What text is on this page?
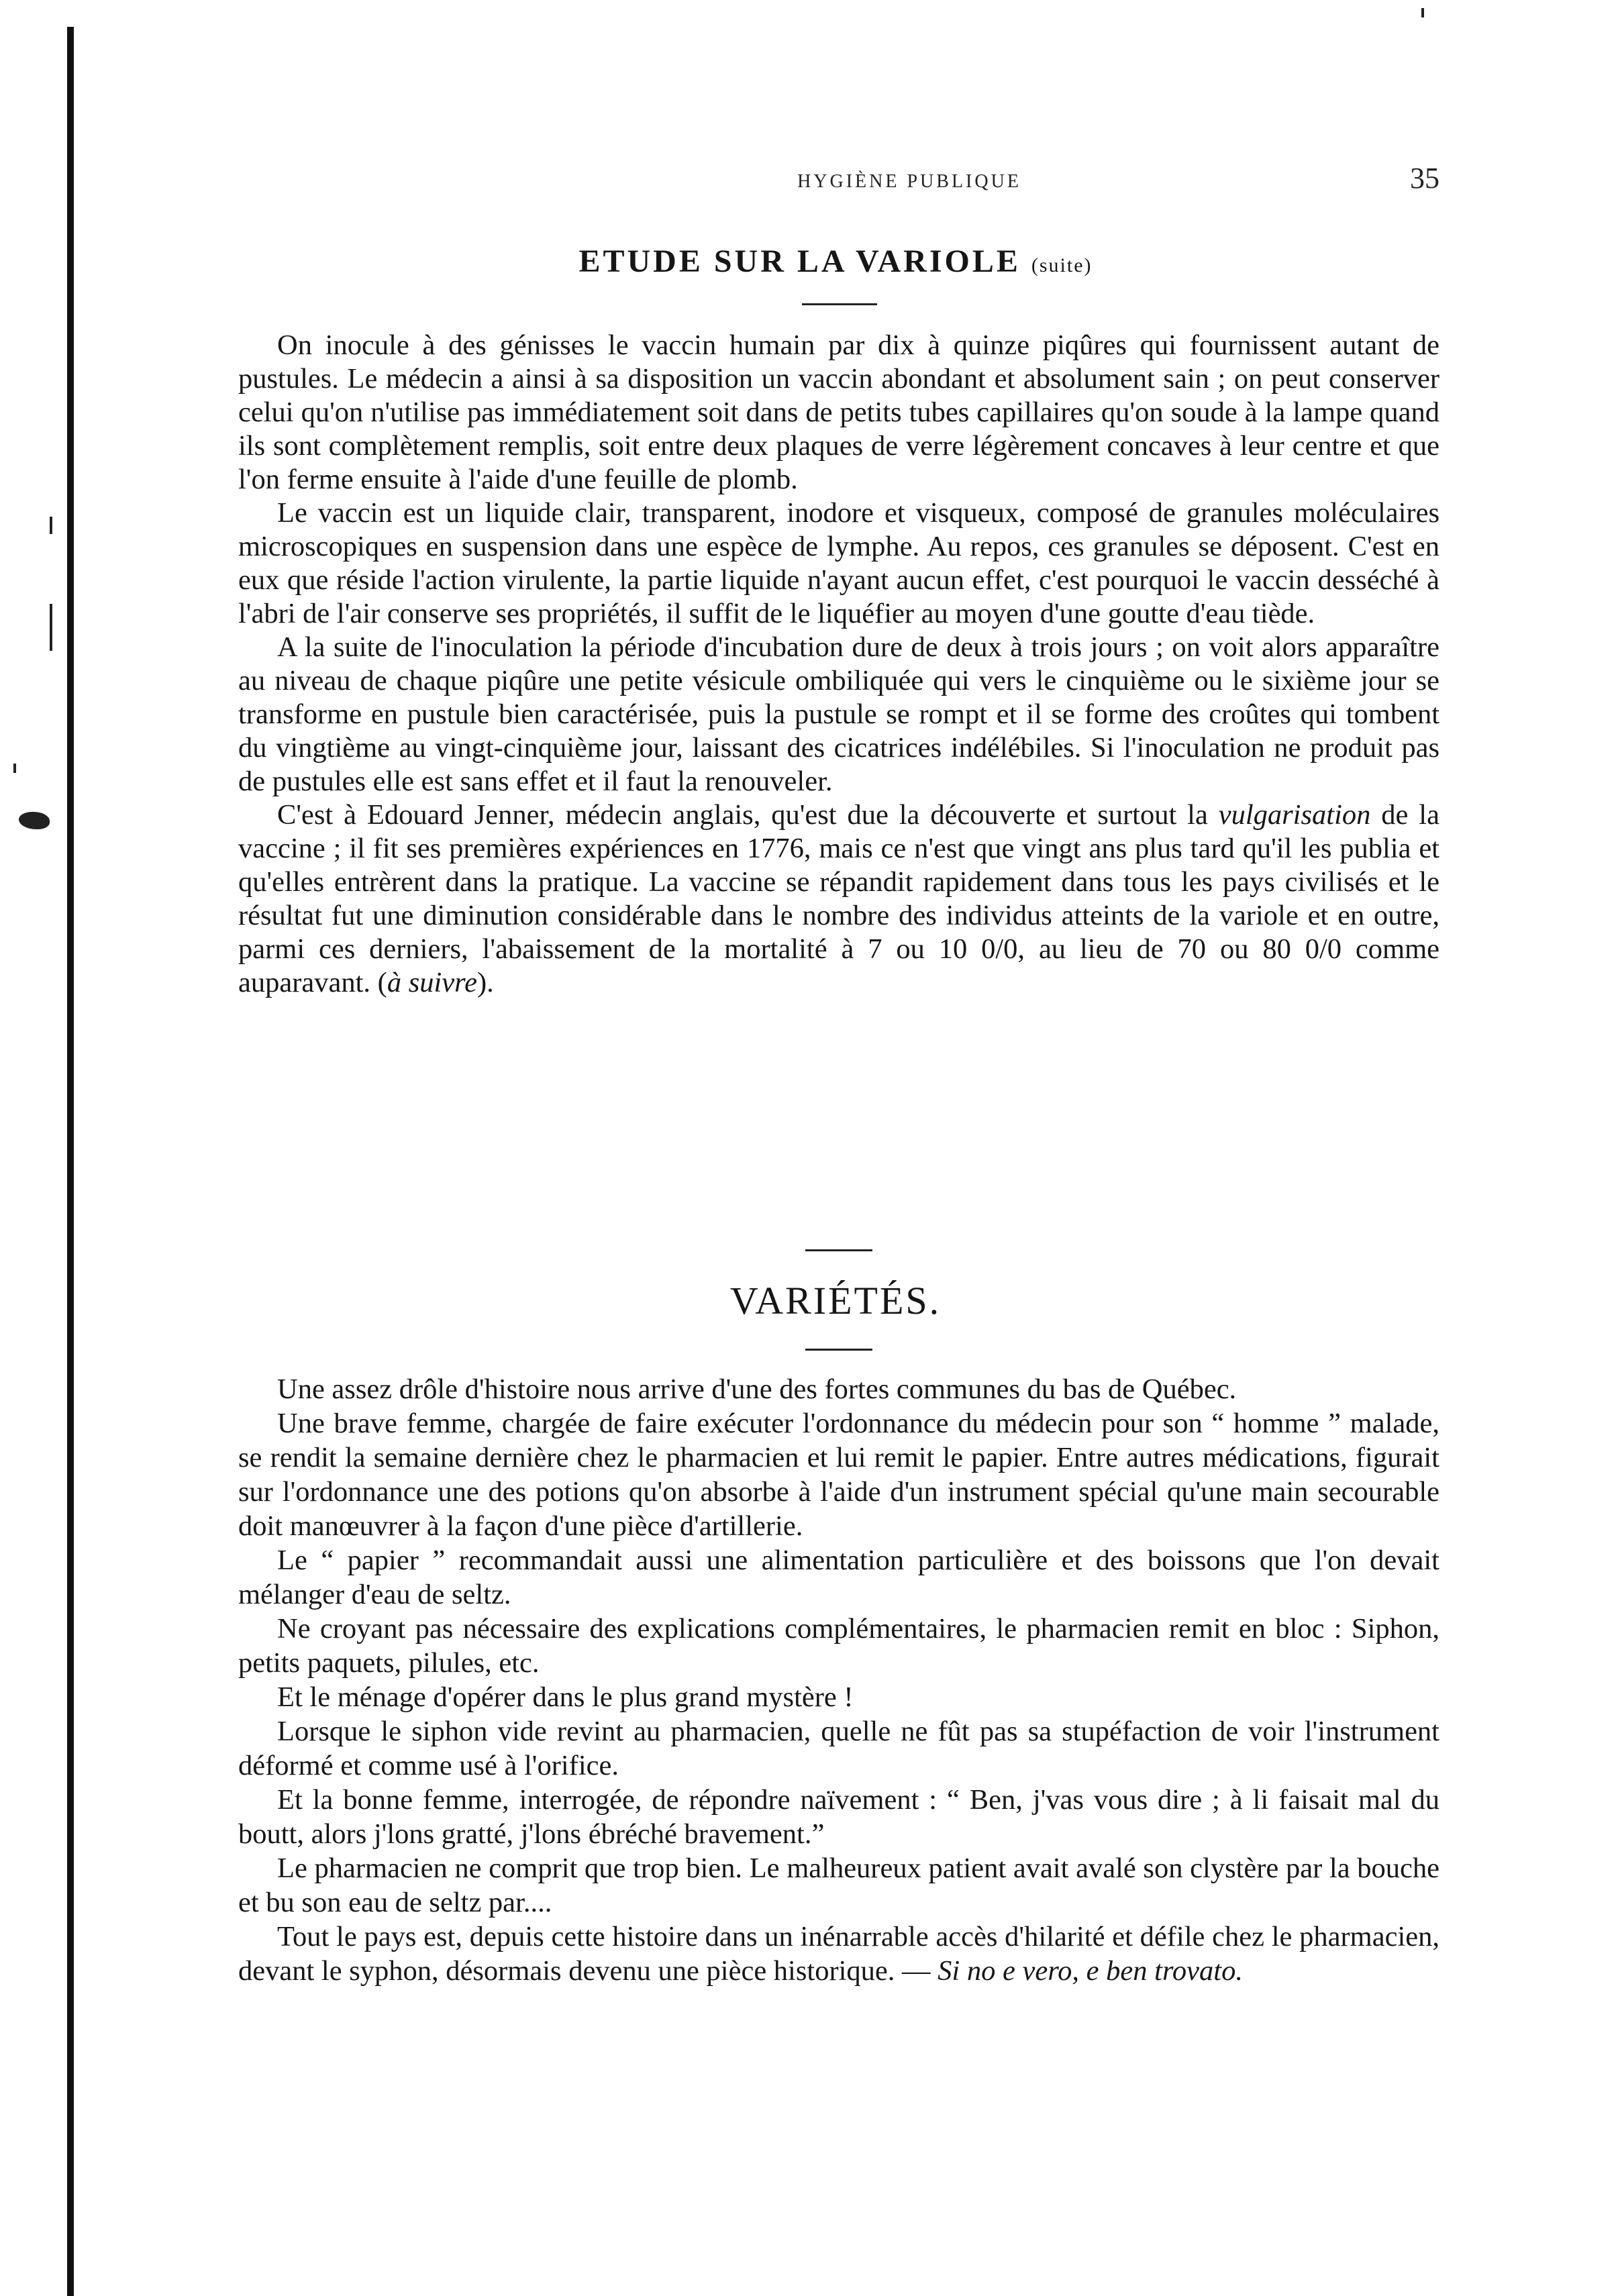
HYGIÈNE PUBLIQUE	35
ETUDE SUR LA VARIOLE (suite)

On inocule à des génisses le vaccin humain par dix à quinze piqûres qui fournissent autant de pustules. Le médecin a ainsi à sa disposition un vaccin abondant et absolument sain ; on peut conserver celui qu'on n'utilise pas immédiatement soit dans de petits tubes capillaires qu'on soude à la lampe quand ils sont complètement remplis, soit entre deux plaques de verre légèrement concaves à leur centre et que l'on ferme ensuite à l'aide d'une feuille de plomb.

Le vaccin est un liquide clair, transparent, inodore et visqueux, composé de granules moléculaires microscopiques en suspension dans une espèce de lymphe. Au repos, ces granules se déposent. C'est en eux que réside l'action virulente, la partie liquide n'ayant aucun effet, c'est pourquoi le vaccin desséché à l'abri de l'air conserve ses propriétés, il suffit de le liquéfier au moyen d'une goutte d'eau tiède.

A la suite de l'inoculation la période d'incubation dure de deux à trois jours ; on voit alors apparaître au niveau de chaque piqûre une petite vésicule ombiliquée qui vers le cinquième ou le sixième jour se transforme en pustule bien caractérisée, puis la pustule se rompt et il se forme des croûtes qui tombent du vingtième au vingt-cinquième jour, laissant des cicatrices indélébiles. Si l'inoculation ne produit pas de pustules elle est sans effet et il faut la renouveler.

C'est à Edouard Jenner, médecin anglais, qu'est due la découverte et surtout la vulgarisation de la vaccine ; il fit ses premières expériences en 1776, mais ce n'est que vingt ans plus tard qu'il les publia et qu'elles entrèrent dans la pratique. La vaccine se répandit rapidement dans tous les pays civilisés et le résultat fut une diminution considérable dans le nombre des individus atteints de la variole et en outre, parmi ces derniers, l'abaissement de la mortalité à 7 ou 10 0/0, au lieu de 70 ou 80 0/0 comme auparavant. (à suivre).

VARIÉTÉS.

Une assez drôle d'histoire nous arrive d'une des fortes communes du bas de Québec.

Une brave femme, chargée de faire exécuter l'ordonnance du médecin pour son “ homme ” malade, se rendit la semaine dernière chez le pharmacien et lui remit le papier. Entre autres médications, figurait sur l'ordonnance une des potions qu'on absorbe à l'aide d'un instrument spécial qu'une main secourable doit manœuvrer à la façon d'une pièce d'artillerie.

Le “ papier ” recommandait aussi une alimentation particulière et des boissons que l'on devait mélanger d'eau de seltz.

Ne croyant pas nécessaire des explications complémentaires, le pharmacien remit en bloc : Siphon, petits paquets, pilules, etc.

Et le ménage d'opérer dans le plus grand mystère !

Lorsque le siphon vide revint au pharmacien, quelle ne fût pas sa stupéfaction de voir l'instrument déformé et comme usé à l'orifice.

Et la bonne femme, interrogée, de répondre naïvement : “ Ben, j'vas vous dire ; à li faisait mal du boutt, alors j'lons gratté, j'lons ébréché bravement.”

Le pharmacien ne comprit que trop bien. Le malheureux patient avait avalé son clystère par la bouche et bu son eau de seltz par....

Tout le pays est, depuis cette histoire dans un inénarrable accès d'hilarité et défile chez le pharmacien, devant le syphon, désormais devenu une pièce historique. — Si no e vero, e ben trovato.
